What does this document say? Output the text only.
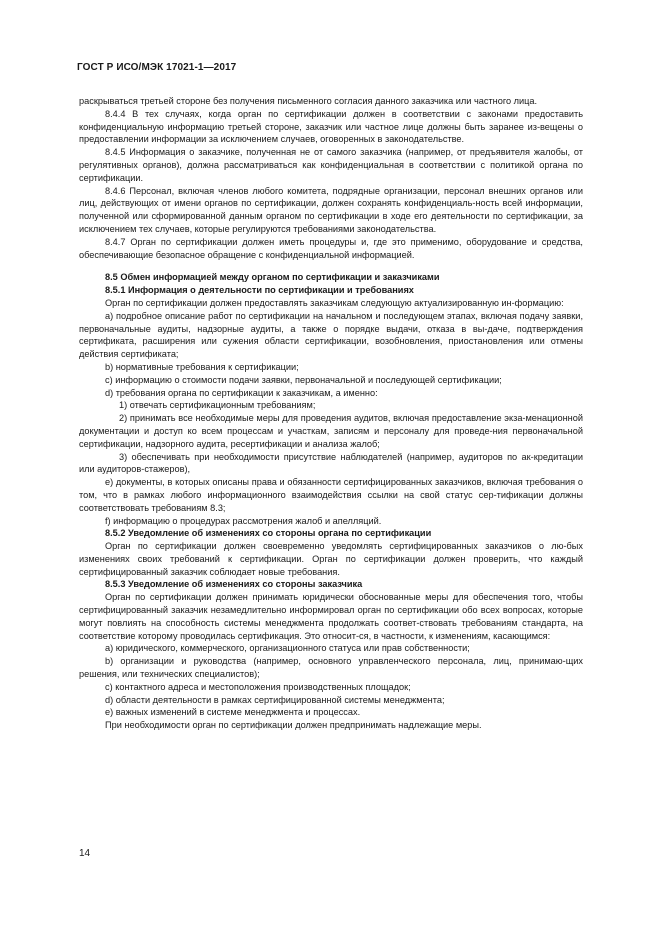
ГОСТ Р ИСО/МЭК 17021-1—2017

раскрываться третьей стороне без получения письменного согласия данного заказчика или частного лица.

8.4.4 В тех случаях, когда орган по сертификации должен в соответствии с законами предоставить конфиденциальную информацию третьей стороне, заказчик или частное лице должны быть заранее из-вещены о предоставлении информации за исключением случаев, оговоренных в законодательстве.

8.4.5 Информация о заказчике, полученная не от самого заказчика (например, от предъявителя жалобы, от регулятивных органов), должна рассматриваться как конфиденциальная в соответствии с политикой органа по сертификации.

8.4.6 Персонал, включая членов любого комитета, подрядные организации, персонал внешних органов или лиц, действующих от имени органов по сертификации, должен сохранять конфиденциаль-ность всей информации, полученной или сформированной данным органом по сертификации в ходе его деятельности по сертификации, за исключением тех случаев, которые регулируются требованиями законодательства.

8.4.7 Орган по сертификации должен иметь процедуры и, где это применимо, оборудование и средства, обеспечивающие безопасное обращение с конфиденциальной информацией.

8.5 Обмен информацией между органом по сертификации и заказчиками

8.5.1 Информация о деятельности по сертификации и требованиях

Орган по сертификации должен предоставлять заказчикам следующую актуализированную ин-формацию:

a) подробное описание работ по сертификации на начальном и последующем этапах, включая подачу заявки, первоначальные аудиты, надзорные аудиты, а также о порядке выдачи, отказа в вы-даче, подтверждения сертификата, расширения или сужения области сертификации, возобновления, приостановления или отмены действия сертификата;

b) нормативные требования к сертификации;

c) информацию о стоимости подачи заявки, первоначальной и последующей сертификации;

d) требования органа по сертификации к заказчикам, а именно:

1) отвечать сертификационным требованиям;

2) принимать все необходимые меры для проведения аудитов, включая предоставление экза-менационной документации и доступ ко всем процессам и участкам, записям и персоналу для проведе-ния первоначальной сертификации, надзорного аудита, ресертификации и анализа жалоб;

3) обеспечивать при необходимости присутствие наблюдателей (например, аудиторов по ак-кредитации или аудиторов-стажеров),

e) документы, в которых описаны права и обязанности сертифицированных заказчиков, включая требования о том, что в рамках любого информационного взаимодействия ссылки на свой статус сер-тификации должны соответствовать требованиям 8.3;

f) информацию о процедурах рассмотрения жалоб и апелляций.

8.5.2 Уведомление об изменениях со стороны органа по сертификации

Орган по сертификации должен своевременно уведомлять сертифицированных заказчиков о лю-бых изменениях своих требований к сертификации. Орган по сертификации должен проверить, что каждый сертифицированный заказчик соблюдает новые требования.

8.5.3 Уведомление об изменениях со стороны заказчика

Орган по сертификации должен принимать юридически обоснованные меры для обеспечения того, чтобы сертифицированный заказчик незамедлительно информировал орган по сертификации обо всех вопросах, которые могут повлиять на способность системы менеджмента продолжать соответ-ствовать требованиям стандарта, на соответствие которому проводилась сертификация. Это относит-ся, в частности, к изменениям, касающимся:

a) юридического, коммерческого, организационного статуса или прав собственности;

b) организации и руководства (например, основного управленческого персонала, лиц, принимаю-щих решения, или технических специалистов);

c) контактного адреса и местоположения производственных площадок;

d) области деятельности в рамках сертифицированной системы менеджмента;

e) важных изменений в системе менеджмента и процессах.

При необходимости орган по сертификации должен предпринимать надлежащие меры.

14
